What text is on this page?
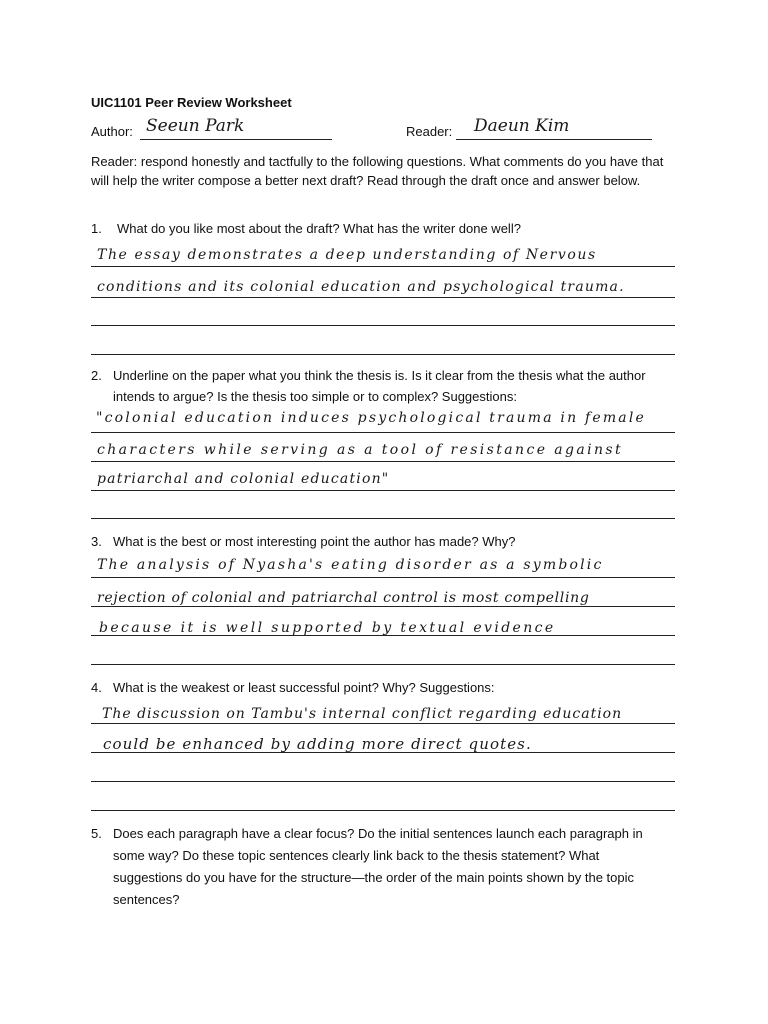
UIC1101 Peer Review Worksheet
Author: Seeun Park	Reader: Daeun Kim
Reader: respond honestly and tactfully to the following questions. What comments do you have that will help the writer compose a better next draft? Read through the draft once and answer below.
1. What do you like most about the draft? What has the writer done well?
The essay demonstrates a deep understanding of Nervous
conditions and its colonial education and psychological trauma.
2. Underline on the paper what you think the thesis is. Is it clear from the thesis what the author intends to argue? Is the thesis too simple or to complex? Suggestions:
"colonial education induces psychological trauma in female
characters while serving as a tool of resistance against
patriarchal and colonial education"
3. What is the best or most interesting point the author has made? Why?
The analysis of Nyasha's eating disorder as a symbolic
rejection of colonial and patriarchal control is most compelling
because it is well supported by textual evidence
4. What is the weakest or least successful point? Why? Suggestions:
The discussion on Tambu's internal conflict regarding education
could be enhanced by adding more direct quotes.
5. Does each paragraph have a clear focus? Do the initial sentences launch each paragraph in some way? Do these topic sentences clearly link back to the thesis statement? What suggestions do you have for the structure—the order of the main points shown by the topic sentences?
